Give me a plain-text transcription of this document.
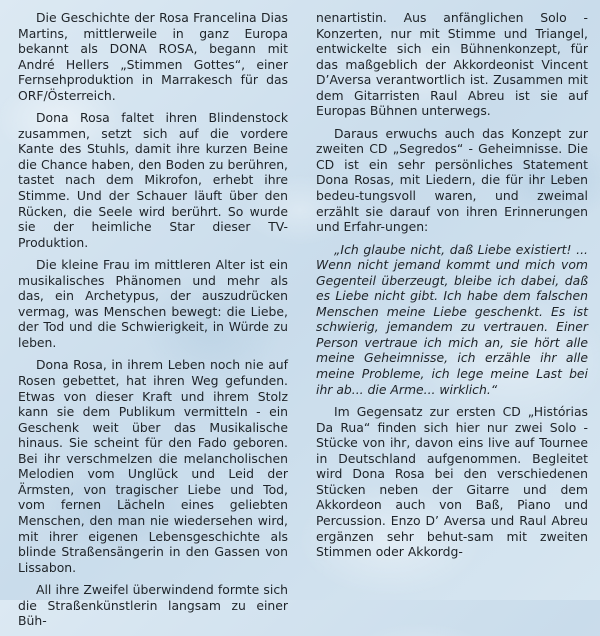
Die Geschichte der Rosa Francelina Dias Martins, mittlerweile in ganz Europa bekannt als DONA ROSA, begann mit André Hellers „Stimmen Gottes“, einer Fernsehproduktion in Marrakesch für das ORF/Österreich.

Dona Rosa faltet ihren Blindenstock zusammen, setzt sich auf die vordere Kante des Stuhls, damit ihre kurzen Beine die Chance haben, den Boden zu berühren, tastet nach dem Mikrofon, erhebt ihre Stimme. Und der Schauer läuft über den Rücken, die Seele wird berührt. So wurde sie der heimliche Star dieser TV-Produktion.

Die kleine Frau im mittleren Alter ist ein musikalisches Phänomen und mehr als das, ein Archetypus, der auszudrücken vermag, was Menschen bewegt: die Liebe, der Tod und die Schwierigkeit, in Würde zu leben.

Dona Rosa, in ihrem Leben noch nie auf Rosen gebettet, hat ihren Weg gefunden. Etwas von dieser Kraft und ihrem Stolz kann sie dem Publikum vermitteln - ein Geschenk weit über das Musikalische hinaus. Sie scheint für den Fado geboren. Bei ihr verschmelzen die melancholischen Melodien vom Unglück und Leid der Ärmsten, von tragischer Liebe und Tod, vom fernen Lächeln eines geliebten Menschen, den man nie wiedersehen wird, mit ihrer eigenen Lebensgeschichte als blinde Straßensängerin in den Gassen von Lissabon.

All ihre Zweifel überwindend formte sich die Straßenkünstlerin langsam zu einer Büh-

nenartistin. Aus anfänglichen Solo - Konzerten, nur mit Stimme und Triangel, entwickelte sich ein Bühnenkonzept, für das maßgeblich der Akkordeonist Vincent D’Aversa verantwortlich ist. Zusammen mit dem Gitarristen Raul Abreu ist sie auf Europas Bühnen unterwegs.

Daraus erwuchs auch das Konzept zur zweiten CD „Segredos“ - Geheimnisse. Die CD ist ein sehr persönliches Statement Dona Rosas, mit Liedern, die für ihr Leben bedeu-tungsvoll waren, und zweimal erzählt sie darauf von ihren Erinnerungen und Erfahr-ungen:

„Ich glaube nicht, daß Liebe existiert! ... Wenn nicht jemand kommt und mich vom Gegenteil überzeugt, bleibe ich dabei, daß es Liebe nicht gibt. Ich habe dem falschen Menschen meine Liebe geschenkt. Es ist schwierig, jemandem zu vertrauen. Einer Person vertraue ich mich an, sie hört alle meine Geheimnisse, ich erzähle ihr alle meine Probleme, ich lege meine Last bei ihr ab... die Arme... wirklich.“

Im Gegensatz zur ersten CD „Histórias Da Rua“ finden sich hier nur zwei Solo - Stücke von ihr, davon eins live auf Tournee in Deutschland aufgenommen. Begleitet wird Dona Rosa bei den verschiedenen Stücken neben der Gitarre und dem Akkordeon auch von Baß, Piano und Percussion. Enzo D’ Aversa und Raul Abreu ergänzen sehr behut-sam mit zweiten Stimmen oder Akkordg-
